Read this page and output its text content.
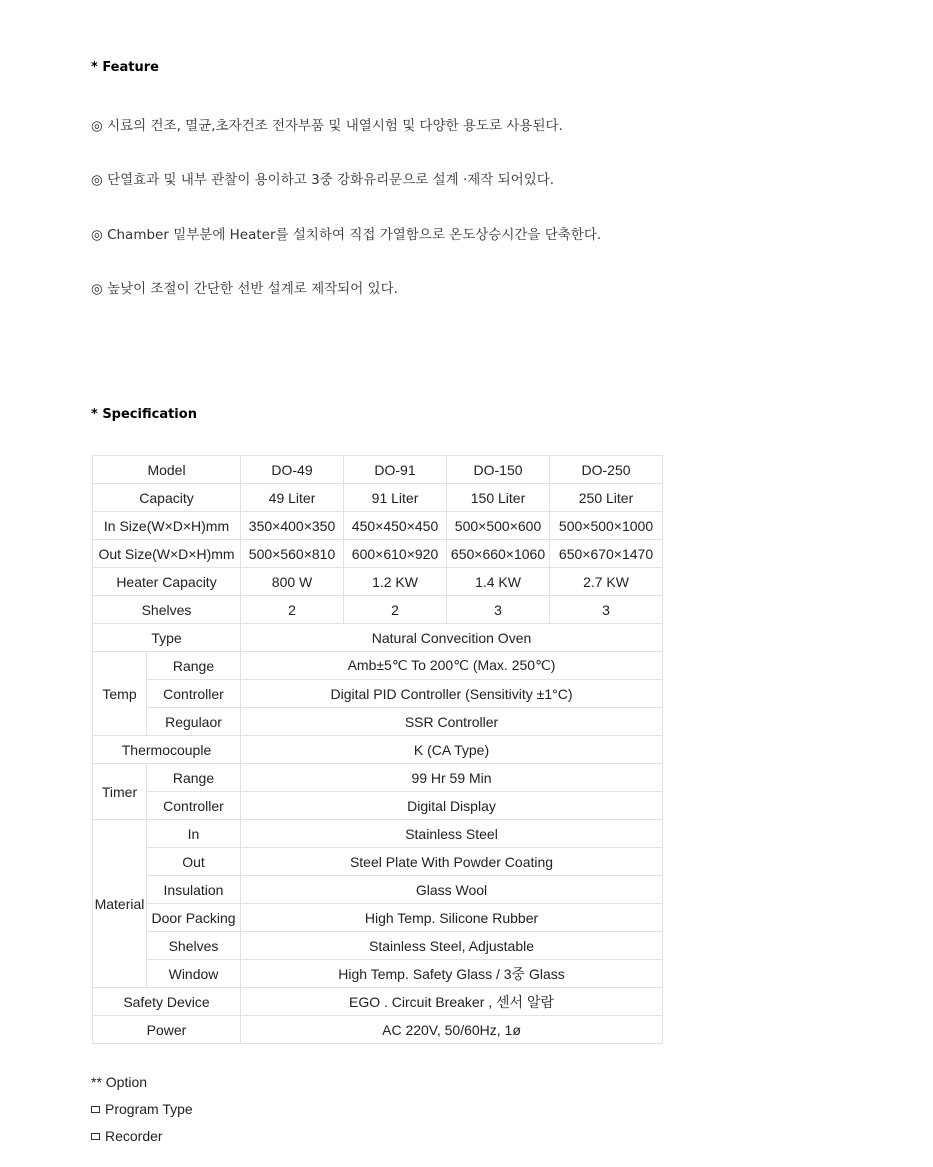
* Feature
◎ 시료의 건조, 멸균,초자건조 전자부품 및 내열시험 및 다양한 용도로 사용된다.
◎ 단열효과 및 내부 관찰이 용이하고 3중 강화유리문으로 설계 ·제작 되어있다.
◎ Chamber 밑부분에 Heater를 설치하여 직접 가열함으로 온도상승시간을 단축한다.
◎ 높낮이 조절이 간단한 선반 설계로 제작되어 있다.
* Specification
Model		DO-49	DO-91	DO-150	DO-250
Capacity		49 Liter	91 Liter	150 Liter	250 Liter
In Size(W×D×H)mm		350×400×350	450×450×450	500×500×600	500×500×1000
Out Size(W×D×H)mm		500×560×810	600×610×920	650×660×1060	650×670×1470
Heater Capacity		800 W	1.2 KW	1.4 KW	2.7 KW
Shelves		2	2	3	3
Type		Natural Convecition Oven			
Temp	Range	Amb±5℃ To 200℃ (Max. 250℃)			
	Controller	Digital PID Controller (Sensitivity ±1°C)			
	Regulaor	SSR Controller			
Thermocouple		K (CA Type)			
Timer	Range	99 Hr 59 Min			
	Controller	Digital Display			
Material	In	Stainless Steel			
	Out	Steel Plate With Powder Coating			
	Insulation	Glass Wool			
	Door Packing	High Temp. Silicone Rubber			
	Shelves	Stainless Steel, Adjustable			
	Window	High Temp. Safety Glass / 3중 Glass			
Safety Device		EGO . Circuit Breaker , 센서 알람			
Power		AC 220V, 50/60Hz, 1ø			
** Option
Program Type
Recorder
